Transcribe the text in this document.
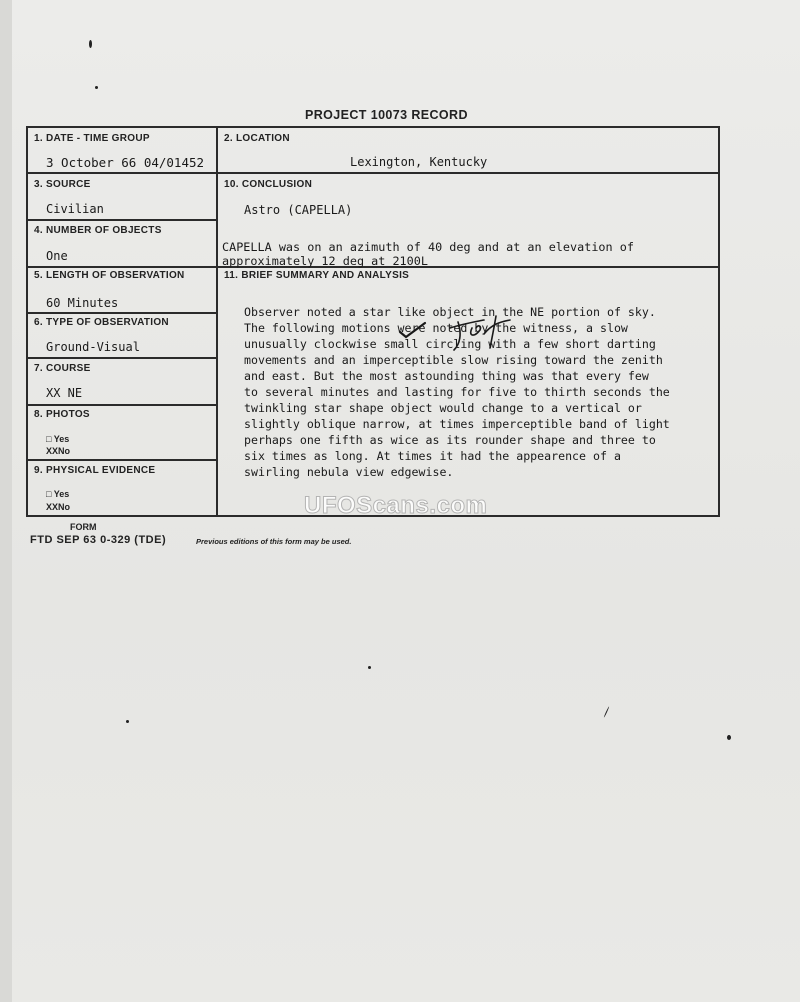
PROJECT 10073 RECORD
1. DATE - TIME GROUP
3 October 66 04/01452
2. LOCATION
Lexington, Kentucky
3. SOURCE
Civilian
4. NUMBER OF OBJECTS
One
5. LENGTH OF OBSERVATION
60 Minutes
6. TYPE OF OBSERVATION
Ground-Visual
7. COURSE
XX NE
8. PHOTOS
□ Yes
XXNo
9. PHYSICAL EVIDENCE
□ Yes
XXNo
10. CONCLUSION
Astro (CAPELLA)
CAPELLA was on an azimuth of 40 deg and at an elevation of
approximately 12 deg at 2100L
11. BRIEF SUMMARY AND ANALYSIS
Observer noted a star like object in the NE portion of sky.
The following motions were noted by the witness, a slow
unusually clockwise small circling with a few short darting
movements and an imperceptible slow rising toward the zenith
and east. But the most astounding thing was that every few
to several minutes and lasting for five to thirth seconds the
twinkling star shape object would change to a vertical or
slightly oblique narrow, at times imperceptible band of light
perhaps one fifth as wice as its rounder shape and three to
six times as long. At times it had the appearence of a
swirling nebula view edgewise.
UFOScans.com
FORM
FTD SEP 63 0-329 (TDE)	Previous editions of this form may be used.
